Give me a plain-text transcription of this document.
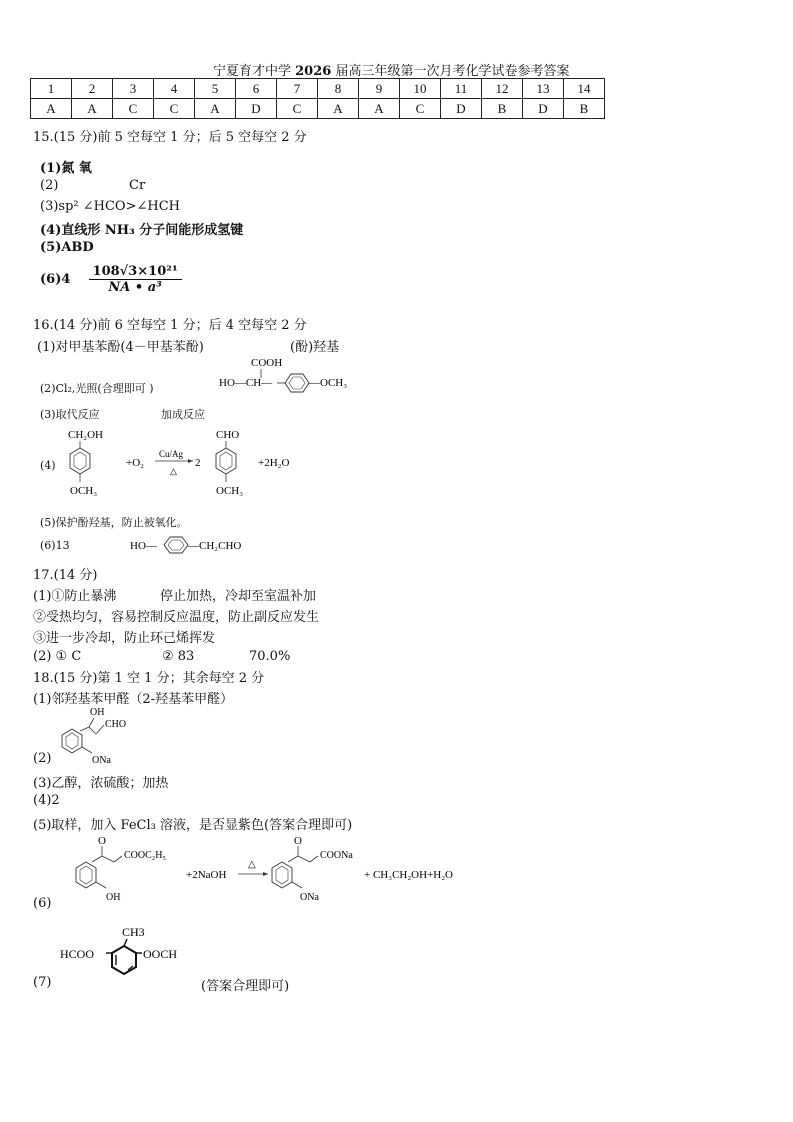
宁夏育才中学 2026 届高三年级第一次月考化学试卷参考答案
1	2	3	4	5	6	7	8	9	10	11	12	13	14
A	A	C	C	A	D	C	A	A	C	D	B	D	B
15.(15 分)前 5 空每空 1 分；后 5 空每空 2 分
(1)氮 氧
(2)	Cr
(3)sp² ∠HCO>∠HCH
(4)直线形 NH₃ 分子间能形成氢键
(5)ABD
$(6)4 \frac{\text{108√3×10²¹}}{\text{NA • a³}}$
16.(14 分)前 6 空每空 1 分；后 4 空每空 2 分
(1)对甲基苯酚(4－甲基苯酚)	(酚)羟基
(2)Cl₂,光照(合理即可 )
COOH
HO—CH—	—OCH₃
(3)取代反应	加成反应
(4)
CH₂OH
OCH₃
+O₂
Cu/Ag
△
2
CHO
OCH₃
+2H₂O
(5)保护酚羟基，防止被氧化。
(6)13	HO—	—CH₂CHO
17.(14 分)
(1)①防止暴沸	停止加热，冷却至室温补加
②受热均匀，容易控制反应温度，防止副反应发生
③进一步冷却，防止环己烯挥发
(2) ① C	② 83	70.0%
18.(15 分)第 1 空 1 分；其余每空 2 分
(1)邻羟基苯甲醛（2-羟基苯甲醛）
OH
CHO
ONa
(2)
(3)乙醇，浓硫酸；加热
(4)2
(5)取样，加入 FeCl₃ 溶液，是否显紫色(答案合理即可)
O
COOC₂H₅
OH
+2NaOH
△
O
COONa
ONa
+ CH₃CH₂OH+H₂O
(6)
CH3
HCOO	OOCH
(7)	(答案合理即可)
